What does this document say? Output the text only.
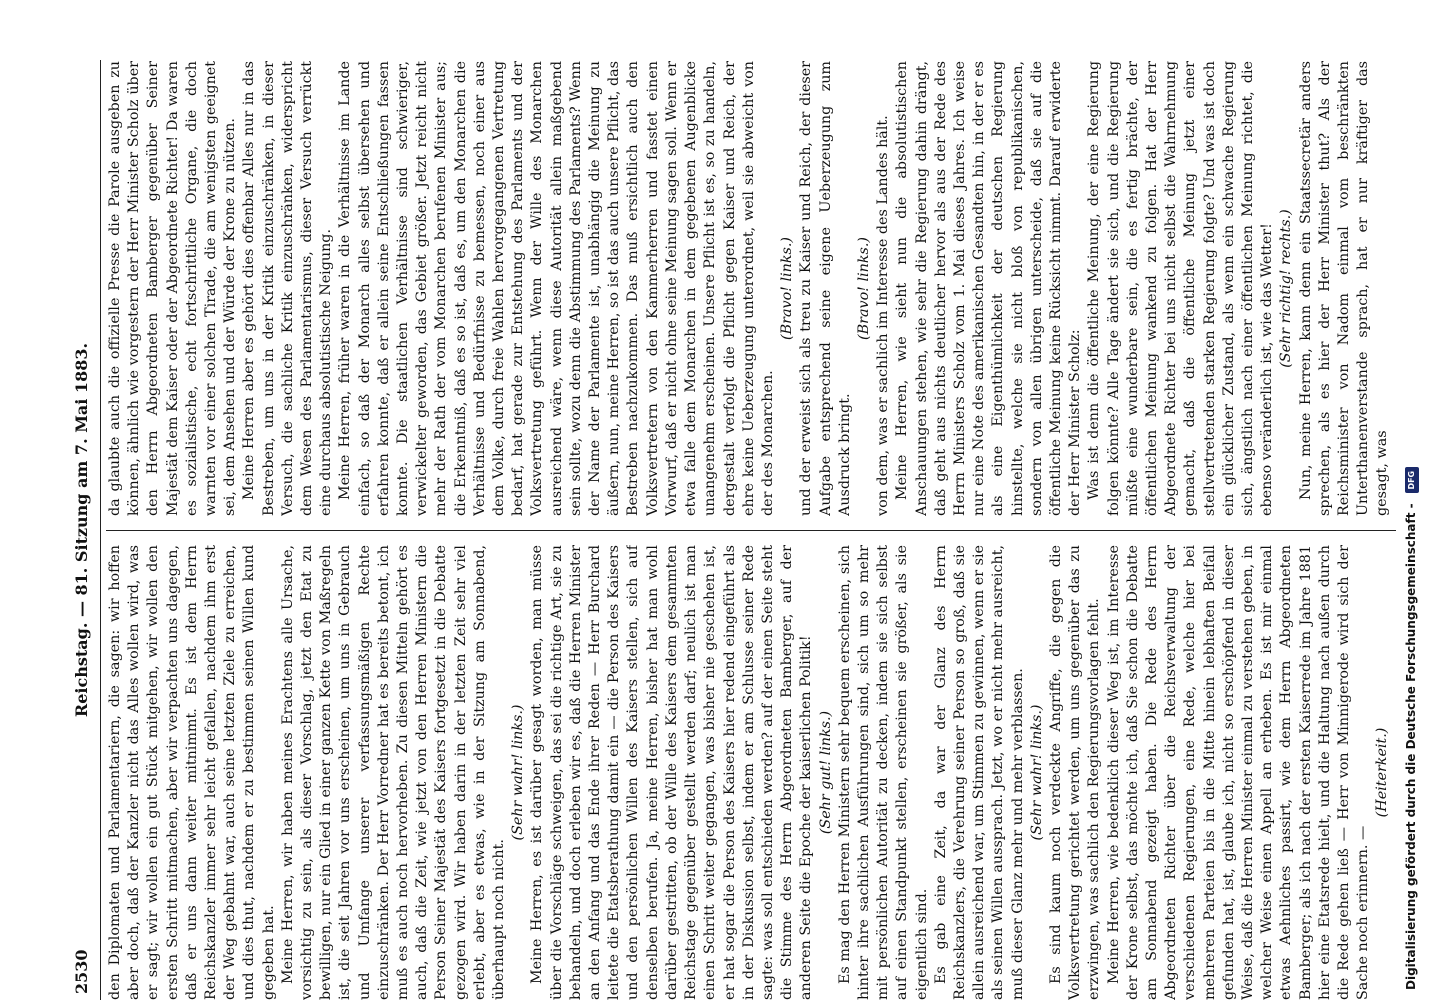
2530
Reichstag. — 81. Sitzung am 7. Mai 1883.

den Diplomaten und Parlamentariern, die sagen: wir hoffen aber doch, daß der Kanzler nicht das Alles wollen wird, was er sagt; wir wollen ein gut Stück mitgehen, wir wollen den ersten Schritt mitmachen, aber wir verpachten uns dagegen, daß er uns dann weiter mitnimmt. Es ist dem Herrn Reichskanzler immer sehr leicht gefallen, nachdem ihm erst der Weg gebahnt war, auch seine letzten Ziele zu erreichen, und dies thut, nachdem er zu bestimmen seinen Willen kund gegeben hat. Meine Herren, wir haben meines Erachtens alle Ursache, vorsichtig zu sein, als dieser Vorschlag, jetzt den Etat zu bewilligen, nur ein Glied in einer ganzen Kette von Maßregeln ist, die seit Jahren vor uns erscheinen, um uns in Gebrauch und Umfange unserer verfassungsmäßigen Rechte einzuschränken. Der Herr Vorredner hat es bereits betont, ich muß es auch noch hervorheben. Zu diesen Mitteln gehört es auch, daß die Zeit, wie jetzt von den Herren Ministern die Person Seiner Majestät des Kaisers fortgesetzt in die Debatte gezogen wird. Wir haben darin in der letzten Zeit sehr viel erlebt, aber es etwas, wie in der Sitzung am Sonnabend, überhaupt noch nicht.

(Sehr wahr! links.) Meine Herren, es ist darüber gesagt worden, man müsse über die Vorschläge schweigen, das sei die richtige Art, sie zu behandeln, und doch erleben wir es, daß die Herren Minister an den Anfang und das Ende ihrer Reden — Herr Burchard leitete die Etatsberathung damit ein — die Person des Kaisers und den persönlichen Willen des Kaisers stellen, sich auf denselben berufen. Ja, meine Herren, bisher hat man wohl darüber gestritten, ob der Wille des Kaisers dem gesammten Reichstage gegenüber gestellt werden darf; neulich ist man einen Schritt weiter gegangen, was bisher nie geschehen ist, er hat sogar die Person des Kaisers hier redend eingeführt als in der Diskussion selbst, indem er am Schlusse seiner Rede sagte: was soll entschieden werden? auf der einen Seite steht die Stimme des Herrn Abgeordneten Bamberger, auf der anderen Seite die Epoche der kaiserlichen Politik! (Sehr gut! links.) Es mag den Herren Ministern sehr bequem erscheinen, sich hinter ihre sachlichen Ausführungen sind, sich um so mehr mit persönlichen Autorität zu decken, indem sie sich selbst auf einen Standpunkt stellen, erscheinen sie größer, als sie eigentlich sind. Es gab eine Zeit, da war der Glanz des Herrn Reichskanzlers, die Verehrung seiner Person so groß, daß sie allein ausreichend war, um Stimmen zu gewinnen, wenn er sie als seinen Willen aussprach. Jetzt, wo er nicht mehr ausreicht, muß dieser Glanz mehr und mehr verblassen. (Sehr wahr! links.) Es sind kaum noch verdeckte Angriffe, die gegen die Volksvertretung gerichtet werden, um uns gegenüber das zu erzwingen, was sachlich den Regierungsvorlagen fehlt. Meine Herren, wie bedenklich dieser Weg ist, im Interesse der Krone selbst, das möchte ich, daß Sie schon die Debatte am Sonnabend gezeigt haben. Die Rede des Herrn Abgeordneten Richter über die Reichsverwaltung der verschiedenen Regierungen, eine Rede, welche hier bei mehreren Parteien bis in die Mitte hinein lebhaften Beifall gefunden hat, ist, glaube ich, nicht so erschöpfend in dieser Weise, daß die Herren Minister einmal zu verstehen geben, in welcher Weise einen Appell an erheben. Es ist mir einmal etwas Aehnliches passirt, wie dem Herrn Abgeordneten Bamberger; als ich nach der ersten Kaiserrede im Jahre 1881 hier eine Etatsrede hielt, und die Haltung nach außen durch die Rede gehen ließ — Herr von Minnigerode wird sich der Sache noch erinnern. —

(Heiterkeit.)

da glaubte auch die offizielle Presse die Parole ausgeben zu können, ähnlich wie vorgestern der Herr Minister Scholz über den Herrn Abgeordneten Bamberger gegenüber Seiner Majestät dem Kaiser oder der Abgeordnete Richter! Da waren es sozialistische, echt fortschrittliche Organe, die doch warnten vor einer solchen Tirade, die am wenigsten geeignet sei, dem Ansehen und der Würde der Krone zu nützen. Meine Herren aber es gehört dies offenbar Alles nur in das Bestreben, um uns in der Kritik einzuschränken, in dieser Versuch, die sachliche Kritik einzuschränken, widerspricht dem Wesen des Parlamentarismus, dieser Versuch verrückt eine durchaus absolutistische Neigung. Meine Herren, früher waren in die Verhältnisse im Lande einfach, so daß der Monarch alles selbst übersehen und erfahren konnte, daß er allein seine Entschließungen fassen konnte. Die staatlichen Verhältnisse sind schwieriger, verwickelter geworden, das Gebiet größer. Jetzt reicht nicht mehr der Rath der vom Monarchen berufenen Minister aus; die Erkenntniß, daß es so ist, daß es, um den Monarchen die Verhältnisse und Bedürfnisse zu bemessen, noch einer aus dem Volke, durch freie Wahlen hervorgegangenen Vertretung bedarf, hat gerade zur Entstehung des Parlaments und der Volksvertretung geführt. Wenn der Wille des Monarchen ausreichend wäre, wenn diese Autorität allein maßgebend sein sollte, wozu denn die Abstimmung des Parlaments? Wenn der Name der Parlamente ist, unabhängig die Meinung zu äußern, nun, meine Herren, so ist das auch unsere Pflicht, das Bestreben nachzukommen. Das muß ersichtlich auch den Volksvertretern von den Kammerherren und fasstet einen Vorwurf, daß er nicht ohne seine Meinung sagen soll. Wenn er etwa falle dem Monarchen in dem gegebenen Augenblicke unangenehm erscheinen. Unsere Pflicht ist es, so zu handeln, dergestalt verfolgt die Pflicht gegen Kaiser und Reich, der ehre keine Ueberzeugung unterordnet, weil sie abweicht von der des Monarchen.

(Bravo! links.) und der erweist sich als treu zu Kaiser und Reich, der dieser Aufgabe entsprechend seine eigene Ueberzeugung zum Ausdruck bringt.

(Bravo! links.) von dem, was er sachlich im Interesse des Landes hält. Meine Herren, wie sieht nun die absolutistischen Anschauungen stehen, wie sehr die Regierung dahin drängt, daß geht aus nichts deutlicher hervor als aus der Rede des Herrn Ministers Scholz vom 1. Mai dieses Jahres. Ich weise nur eine Note des amerikanischen Gesandten hin, in der er es als eine Eigenthümlichkeit der deutschen Regierung hinstellte, welche sie nicht bloß von republikanischen, sondern von allen übrigen unterscheide, daß sie auf die öffentliche Meinung keine Rücksicht nimmt. Darauf erwiderte der Herr Minister Scholz: Was ist denn die öffentliche Meinung, der eine Regierung folgen könnte? Alle Tage ändert sie sich, und die Regierung müßte eine wunderbare sein, die es fertig brächte, der öffentlichen Meinung wankend zu folgen. Hat der Herr Abgeordnete Richter bei uns nicht selbst die Wahrnehmung gemacht, daß die öffentliche Meinung jetzt einer stellvertretenden starken Regierung folgte? Und was ist doch ein glücklicher Zustand, als wenn ein schwache Regierung sich, ängstlich nach einer öffentlichen Meinung richtet, die ebenso veränderlich ist, wie das Wetter! (Sehr richtig! rechts.) Nun, meine Herren, kann denn ein Staatssecretär anders sprechen, als es hier der Herr Minister thut? Als der Reichsminister von Nadom einmal vom beschränkten Unterthanenverstande sprach, hat er nur kräftiger das gesagt, was

Digitalisierung gefördert durch die Deutsche Forschungsgemeinschaft - DFG
